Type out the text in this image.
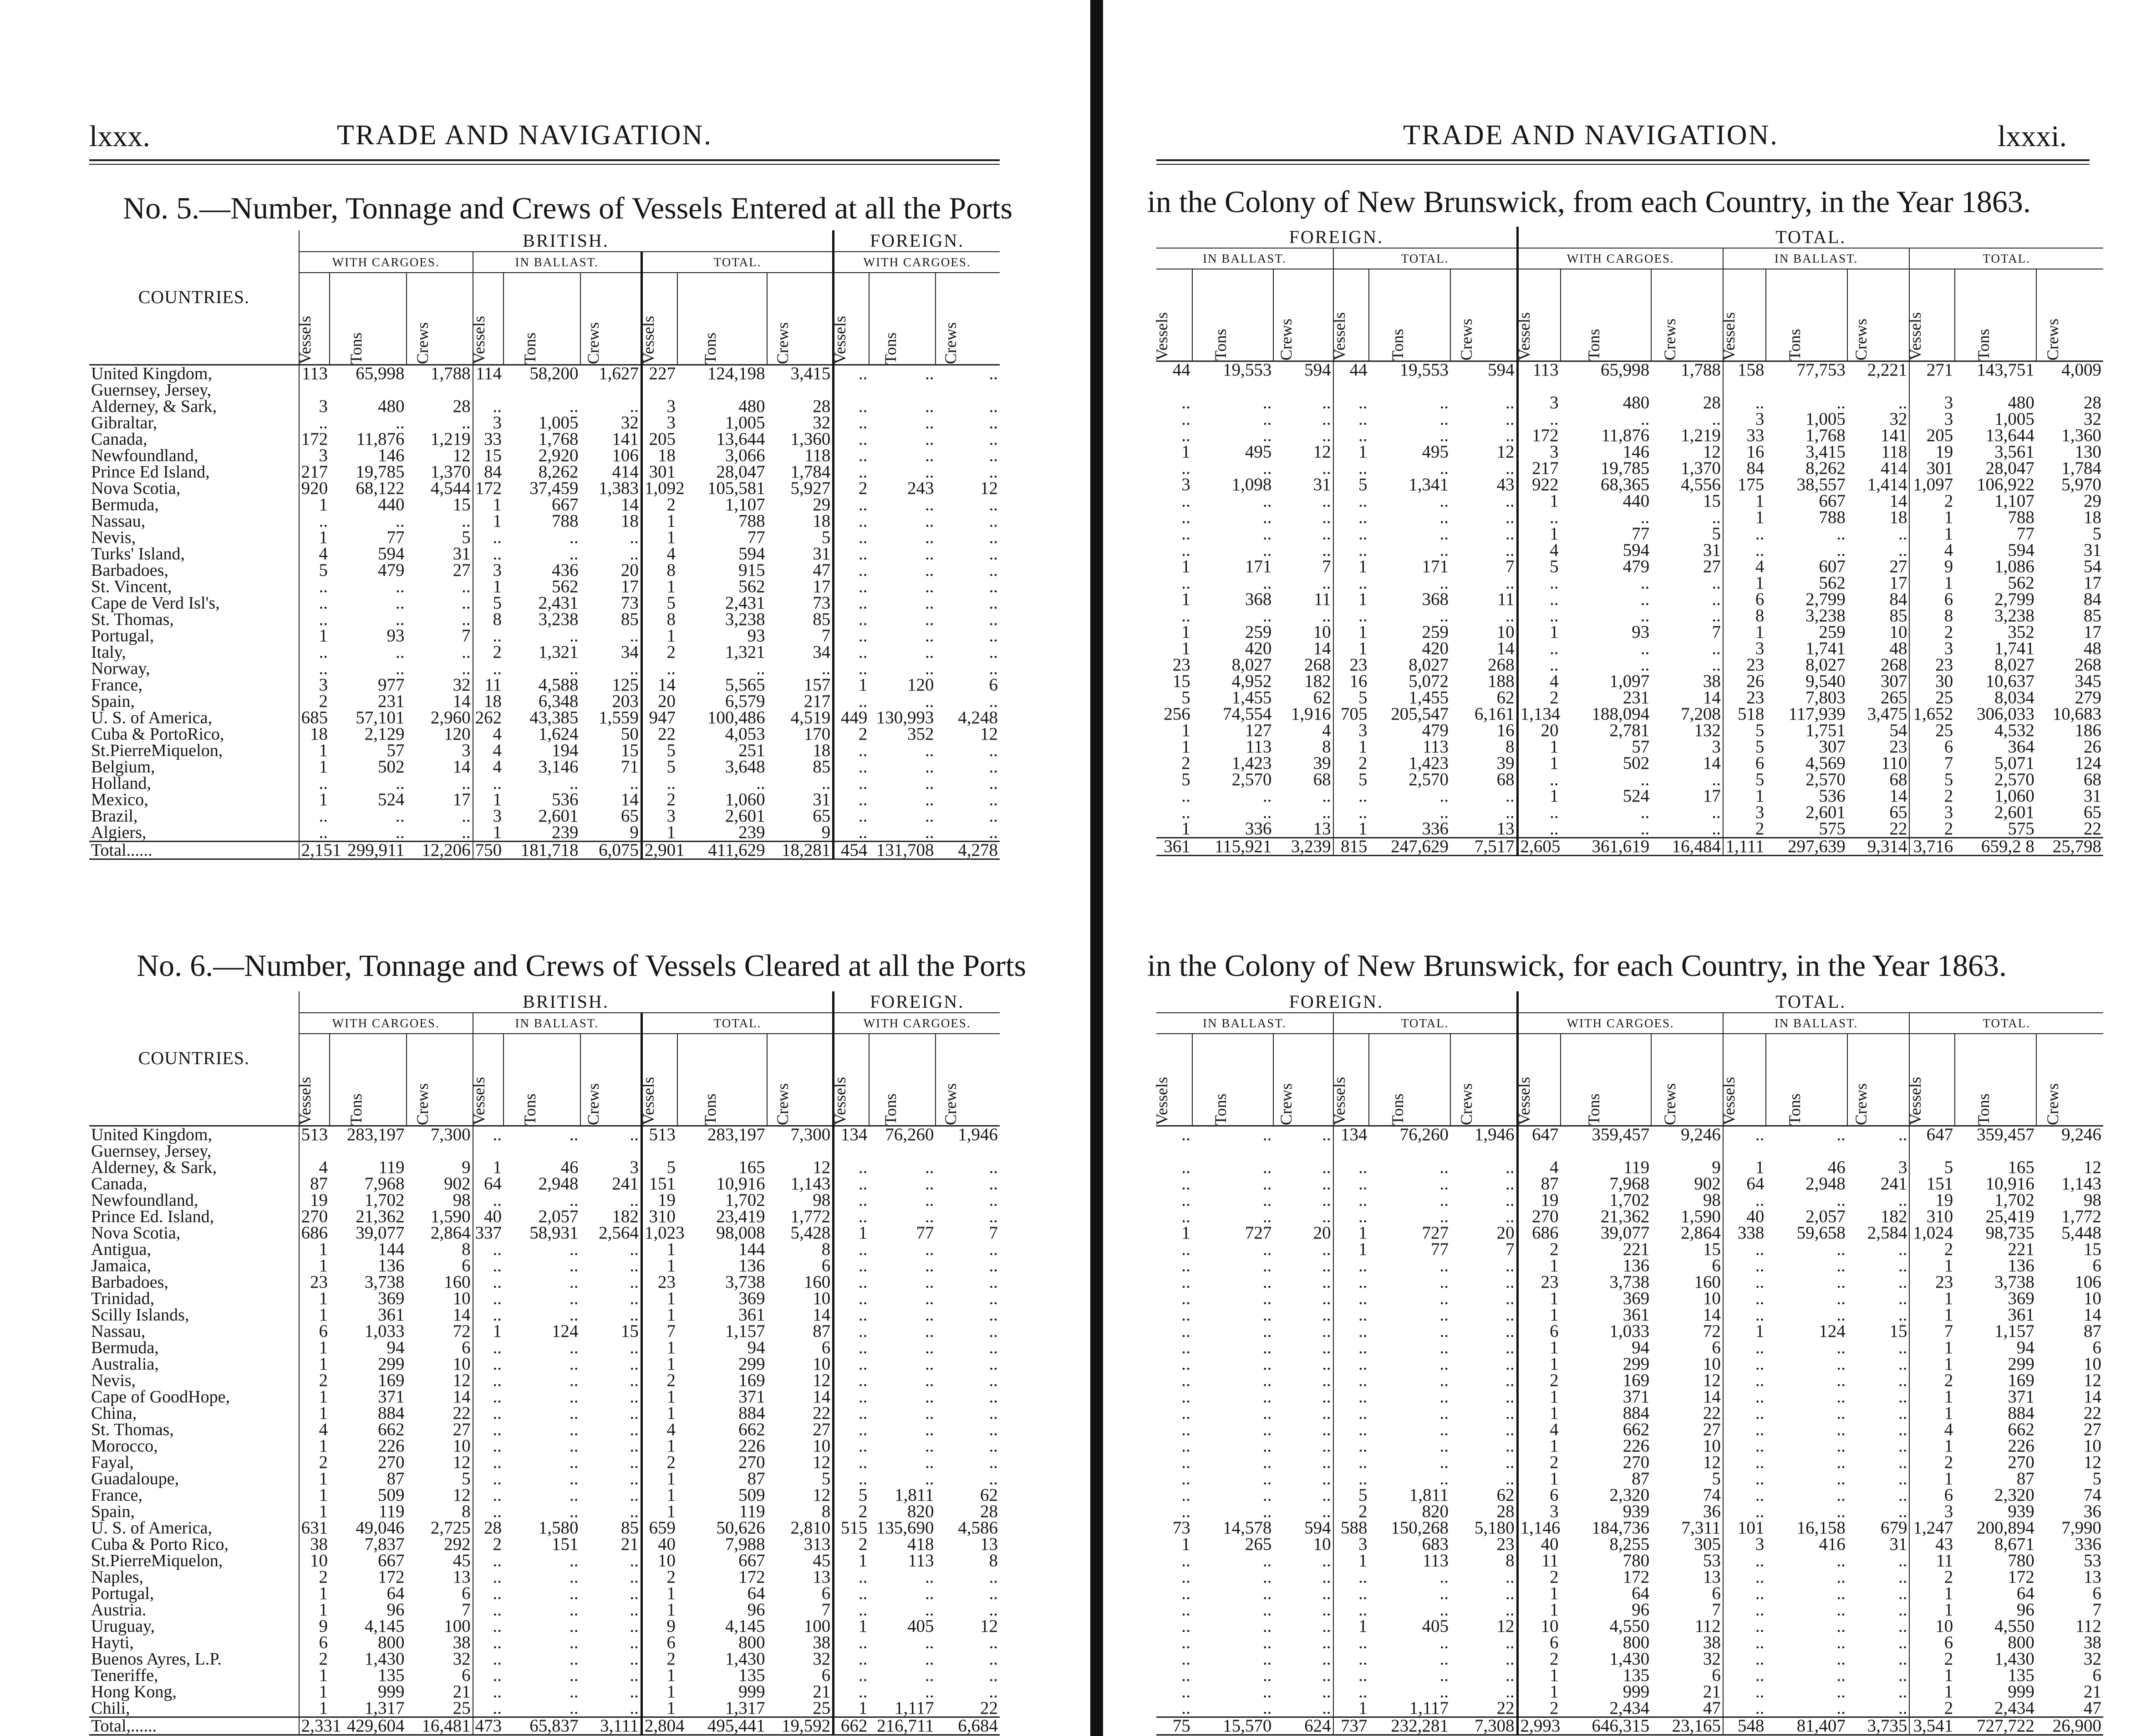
lxxx.	TRADE AND NAVIGATION.
No. 5.—Number, Tonnage and Crews of Vessels Entered at all the Ports
COUNTRIES.	BRITISH.									FOREIGN.		
	WITH CARGOES.			IN BALLAST.			TOTAL.			WITH CARGOES.		
	Vessels	Tons	Crews	Vessels	Tons	Crews	Vessels	Tons	Crews	Vessels	Tons	Crews
United Kingdom,	113	65,998	1,788	114	58,200	1,627	227	124,198	3,415	..	..	..
Guernsey, Jersey,												
Alderney, & Sark,	3	480	28	..	..	..	3	480	28	..	..	..
Gibraltar,	..	..	..	3	1,005	32	3	1,005	32	..	..	..
Canada,	172	11,876	1,219	33	1,768	141	205	13,644	1,360	..	..	..
Newfoundland,	3	146	12	15	2,920	106	18	3,066	118	..	..	..
Prince Ed Island,	217	19,785	1,370	84	8,262	414	301	28,047	1,784	..	..	..
Nova Scotia,	920	68,122	4,544	172	37,459	1,383	1,092	105,581	5,927	2	243	12
Bermuda,	1	440	15	1	667	14	2	1,107	29	..	..	..
Nassau,	..	..	..	1	788	18	1	788	18	..	..	..
Nevis,	1	77	5	..	..	..	1	77	5	..	..	..
Turks' Island,	4	594	31	..	..	..	4	594	31	..	..	..
Barbadoes,	5	479	27	3	436	20	8	915	47	..	..	..
St. Vincent,	..	..	..	1	562	17	1	562	17	..	..	..
Cape de Verd Isl's,	..	..	..	5	2,431	73	5	2,431	73	..	..	..
St. Thomas,	..	..	..	8	3,238	85	8	3,238	85	..	..	..
Portugal,	1	93	7	..	..	..	1	93	7	..	..	..
Italy,	..	..	..	2	1,321	34	2	1,321	34	..	..	..
Norway,	..	..	..	..	..	..	..	..	..	..	..	..
France,	3	977	32	11	4,588	125	14	5,565	157	1	120	6
Spain,	2	231	14	18	6,348	203	20	6,579	217	..	..	..
U. S. of America,	685	57,101	2,960	262	43,385	1,559	947	100,486	4,519	449	130,993	4,248
Cuba & PortoRico,	18	2,129	120	4	1,624	50	22	4,053	170	2	352	12
St.PierreMiquelon,	1	57	3	4	194	15	5	251	18	..	..	..
Belgium,	1	502	14	4	3,146	71	5	3,648	85	..	..	..
Holland,	..	..	..	..	..	..	..	..	..	..	..	..
Mexico,	1	524	17	1	536	14	2	1,060	31	..	..	..
Brazil,	..	..	..	3	2,601	65	3	2,601	65	..	..	..
Algiers,	..	..	..	1	239	9	1	239	9	..	..	..
Total......	2,151	299,911	12,206	750	181,718	6,075	2,901	411,629	18,281	454	131,708	4,278
No. 6.—Number, Tonnage and Crews of Vessels Cleared at all the Ports
COUNTRIES.	BRITISH.									FOREIGN.		
	WITH CARGOES.			IN BALLAST.			TOTAL.			WITH CARGOES.		
	Vessels	Tons	Crews	Vessels	Tons	Crews	Vessels	Tons	Crews	Vessels	Tons	Crews
United Kingdom,	513	283,197	7,300	..	..	..	513	283,197	7,300	134	76,260	1,946
Guernsey, Jersey,												
Alderney, & Sark,	4	119	9	1	46	3	5	165	12	..	..	..
Canada,	87	7,968	902	64	2,948	241	151	10,916	1,143	..	..	..
Newfoundland,	19	1,702	98	..	..	..	19	1,702	98	..	..	..
Prince Ed. Island,	270	21,362	1,590	40	2,057	182	310	23,419	1,772	..	..	..
Nova Scotia,	686	39,077	2,864	337	58,931	2,564	1,023	98,008	5,428	1	77	7
Antigua,	1	144	8	..	..	..	1	144	8	..	..	..
Jamaica,	1	136	6	..	..	..	1	136	6	..	..	..
Barbadoes,	23	3,738	160	..	..	..	23	3,738	160	..	..	..
Trinidad,	1	369	10	..	..	..	1	369	10	..	..	..
Scilly Islands,	1	361	14	..	..	..	1	361	14	..	..	..
Nassau,	6	1,033	72	1	124	15	7	1,157	87	..	..	..
Bermuda,	1	94	6	..	..	..	1	94	6	..	..	..
Australia,	1	299	10	..	..	..	1	299	10	..	..	..
Nevis,	2	169	12	..	..	..	2	169	12	..	..	..
Cape of GoodHope,	1	371	14	..	..	..	1	371	14	..	..	..
China,	1	884	22	..	..	..	1	884	22	..	..	..
St. Thomas,	4	662	27	..	..	..	4	662	27	..	..	..
Morocco,	1	226	10	..	..	..	1	226	10	..	..	..
Fayal,	2	270	12	..	..	..	2	270	12	..	..	..
Guadaloupe,	1	87	5	..	..	..	1	87	5	..	..	..
France,	1	509	12	..	..	..	1	509	12	5	1,811	62
Spain,	1	119	8	..	..	..	1	119	8	2	820	28
U. S. of America,	631	49,046	2,725	28	1,580	85	659	50,626	2,810	515	135,690	4,586
Cuba & Porto Rico,	38	7,837	292	2	151	21	40	7,988	313	2	418	13
St.PierreMiquelon,	10	667	45	..	..	..	10	667	45	1	113	8
Naples,	2	172	13	..	..	..	2	172	13	..	..	..
Portugal,	1	64	6	..	..	..	1	64	6	..	..	..
Austria.	1	96	7	..	..	..	1	96	7	..	..	..
Uruguay,	9	4,145	100	..	..	..	9	4,145	100	1	405	12
Hayti,	6	800	38	..	..	..	6	800	38	..	..	..
Buenos Ayres, L.P.	2	1,430	32	..	..	..	2	1,430	32	..	..	..
Teneriffe,	1	135	6	..	..	..	1	135	6	..	..	..
Hong Kong,	1	999	21	..	..	..	1	999	21	..	..	..
Chili,	1	1,317	25	..	..	..	1	1,317	25	1	1,117	22
Total,......	2,331	429,604	16,481	473	65,837	3,111	2,804	495,441	19,592	662	216,711	6,684
TRADE AND NAVIGATION.	lxxxi.
in the Colony of New Brunswick, from each Country, in the Year 1863.
FOREIGN.						TOTAL.								
IN BALLAST.			TOTAL.			WITH CARGOES.			IN BALLAST.			TOTAL.		
Vessels	Tons	Crews	Vessels	Tons	Crews	Vessels	Tons	Crews	Vessels	Tons	Crews	Vessels	Tons	Crews
44	19,553	594	44	19,553	594	113	65,998	1,788	158	77,753	2,221	271	143,751	4,009

..	..	..	..	..	..	3	480	28	..	..	..	3	480	28
..	..	..	..	..	..	..	..	..	3	1,005	32	3	1,005	32
..	..	..	..	..	..	172	11,876	1,219	33	1,768	141	205	13,644	1,360
1	495	12	1	495	12	3	146	12	16	3,415	118	19	3,561	130
..	..	..	..	..	..	217	19,785	1,370	84	8,262	414	301	28,047	1,784
3	1,098	31	5	1,341	43	922	68,365	4,556	175	38,557	1,414	1,097	106,922	5,970
..	..	..	..	..	..	1	440	15	1	667	14	2	1,107	29
..	..	..	..	..	..	..	..	..	1	788	18	1	788	18
..	..	..	..	..	..	1	77	5	..	..	..	1	77	5
..	..	..	..	..	..	4	594	31	..	..	..	4	594	31
1	171	7	1	171	7	5	479	27	4	607	27	9	1,086	54
..	..	..	..	..	..	..	..	..	1	562	17	1	562	17
1	368	11	1	368	11	..	..	..	6	2,799	84	6	2,799	84
..	..	..	..	..	..	..	..	..	8	3,238	85	8	3,238	85
1	259	10	1	259	10	1	93	7	1	259	10	2	352	17
1	420	14	1	420	14	..	..	..	3	1,741	48	3	1,741	48
23	8,027	268	23	8,027	268	..	..	..	23	8,027	268	23	8,027	268
15	4,952	182	16	5,072	188	4	1,097	38	26	9,540	307	30	10,637	345
5	1,455	62	5	1,455	62	2	231	14	23	7,803	265	25	8,034	279
256	74,554	1,916	705	205,547	6,161	1,134	188,094	7,208	518	117,939	3,475	1,652	306,033	10,683
1	127	4	3	479	16	20	2,781	132	5	1,751	54	25	4,532	186
1	113	8	1	113	8	1	57	3	5	307	23	6	364	26
2	1,423	39	2	1,423	39	1	502	14	6	4,569	110	7	5,071	124
5	2,570	68	5	2,570	68	..	..	..	5	2,570	68	5	2,570	68
..	..	..	..	..	..	1	524	17	1	536	14	2	1,060	31
..	..	..	..	..	..	..	..	..	3	2,601	65	3	2,601	65
1	336	13	1	336	13	..	..	..	2	575	22	2	575	22
361	115,921	3,239	815	247,629	7,517	2,605	361,619	16,484	1,111	297,639	9,314	3,716	659,2 8	25,798
in the Colony of New Brunswick, for each Country, in the Year 1863.
FOREIGN.						TOTAL.								
IN BALLAST.			TOTAL.			WITH CARGOES.			IN BALLAST.			TOTAL.		
Vessels	Tons	Crews	Vessels	Tons	Crews	Vessels	Tons	Crews	Vessels	Tons	Crews	Vessels	Tons	Crews
..	..	..	134	76,260	1,946	647	359,457	9,246	..	..	..	647	359,457	9,246

..	..	..	..	..	..	4	119	9	1	46	3	5	165	12
..	..	..	..	..	..	87	7,968	902	64	2,948	241	151	10,916	1,143
..	..	..	..	..	..	19	1,702	98	..	..	..	19	1,702	98
..	..	..	..	..	..	270	21,362	1,590	40	2,057	182	310	25,419	1,772
1	727	20	1	727	20	686	39,077	2,864	338	59,658	2,584	1,024	98,735	5,448
..	..	..	1	77	7	2	221	15	..	..	..	2	221	15
..	..	..	..	..	..	1	136	6	..	..	..	1	136	6
..	..	..	..	..	..	23	3,738	160	..	..	..	23	3,738	106
..	..	..	..	..	..	1	369	10	..	..	..	1	369	10
..	..	..	..	..	..	1	361	14	..	..	..	1	361	14
..	..	..	..	..	..	6	1,033	72	1	124	15	7	1,157	87
..	..	..	..	..	..	1	94	6	..	..	..	1	94	6
..	..	..	..	..	..	1	299	10	..	..	..	1	299	10
..	..	..	..	..	..	2	169	12	..	..	..	2	169	12
..	..	..	..	..	..	1	371	14	..	..	..	1	371	14
..	..	..	..	..	..	1	884	22	..	..	..	1	884	22
..	..	..	..	..	..	4	662	27	..	..	..	4	662	27
..	..	..	..	..	..	1	226	10	..	..	..	1	226	10
..	..	..	..	..	..	2	270	12	..	..	..	2	270	12
..	..	..	..	..	..	1	87	5	..	..	..	1	87	5
..	..	..	5	1,811	62	6	2,320	74	..	..	..	6	2,320	74
..	..	..	2	820	28	3	939	36	..	..	..	3	939	36
73	14,578	594	588	150,268	5,180	1,146	184,736	7,311	101	16,158	679	1,247	200,894	7,990
1	265	10	3	683	23	40	8,255	305	3	416	31	43	8,671	336
..	..	..	1	113	8	11	780	53	..	..	..	11	780	53
..	..	..	..	..	..	2	172	13	..	..	..	2	172	13
..	..	..	..	..	..	1	64	6	..	..	..	1	64	6
..	..	..	..	..	..	1	96	7	..	..	..	1	96	7
..	..	..	1	405	12	10	4,550	112	..	..	..	10	4,550	112
..	..	..	..	..	..	6	800	38	..	..	..	6	800	38
..	..	..	..	..	..	2	1,430	32	..	..	..	2	1,430	32
..	..	..	..	..	..	1	135	6	..	..	..	1	135	6
..	..	..	..	..	..	1	999	21	..	..	..	1	999	21
..	..	..	1	1,117	22	2	2,434	47	..	..	..	2	2,434	47
75	15,570	624	737	232,281	7,308	2,993	646,315	23,165	548	81,407	3,735	3,541	727,722	26,900
